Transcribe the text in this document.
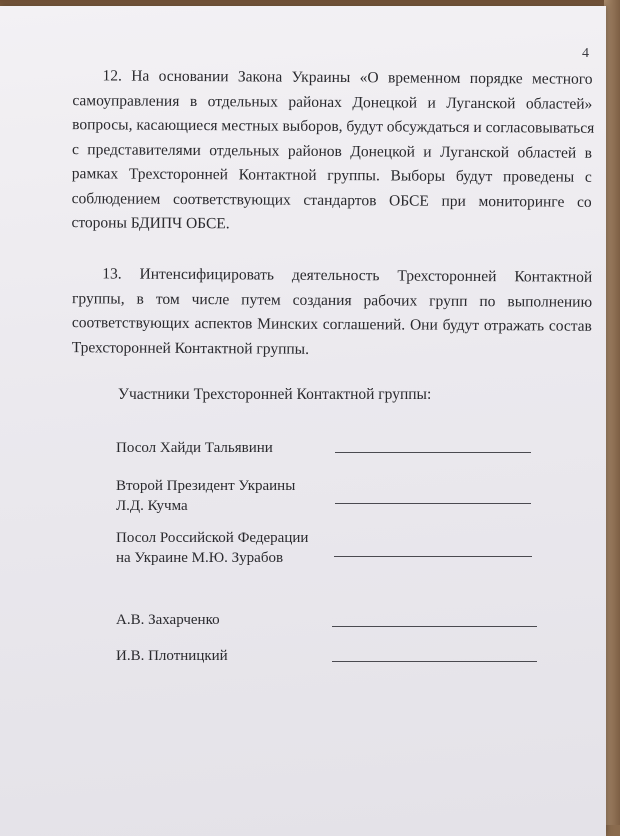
4

12. На основании Закона Украины «О временном порядке местного
самоуправления в отдельных районах Донецкой и Луганской областей»
вопросы, касающиеся местных выборов, будут обсуждаться и согласовываться
с представителями отдельных районов Донецкой и Луганской областей в
рамках Трехсторонней Контактной группы. Выборы будут проведены с
соблюдением соответствующих стандартов ОБСЕ при мониторинге со
стороны БДИПЧ ОБСЕ.

13. Интенсифицировать деятельность Трехсторонней Контактной
группы, в том числе путем создания рабочих групп по выполнению
соответствующих аспектов Минских соглашений. Они будут отражать состав
Трехсторонней Контактной группы.

Участники Трехсторонней Контактной группы:

Посол Хайди Тальявини
Второй Президент Украины
Л.Д. Кучма
Посол Российской Федерации
на Украине М.Ю. Зурабов
А.В. Захарченко
И.В. Плотницкий
